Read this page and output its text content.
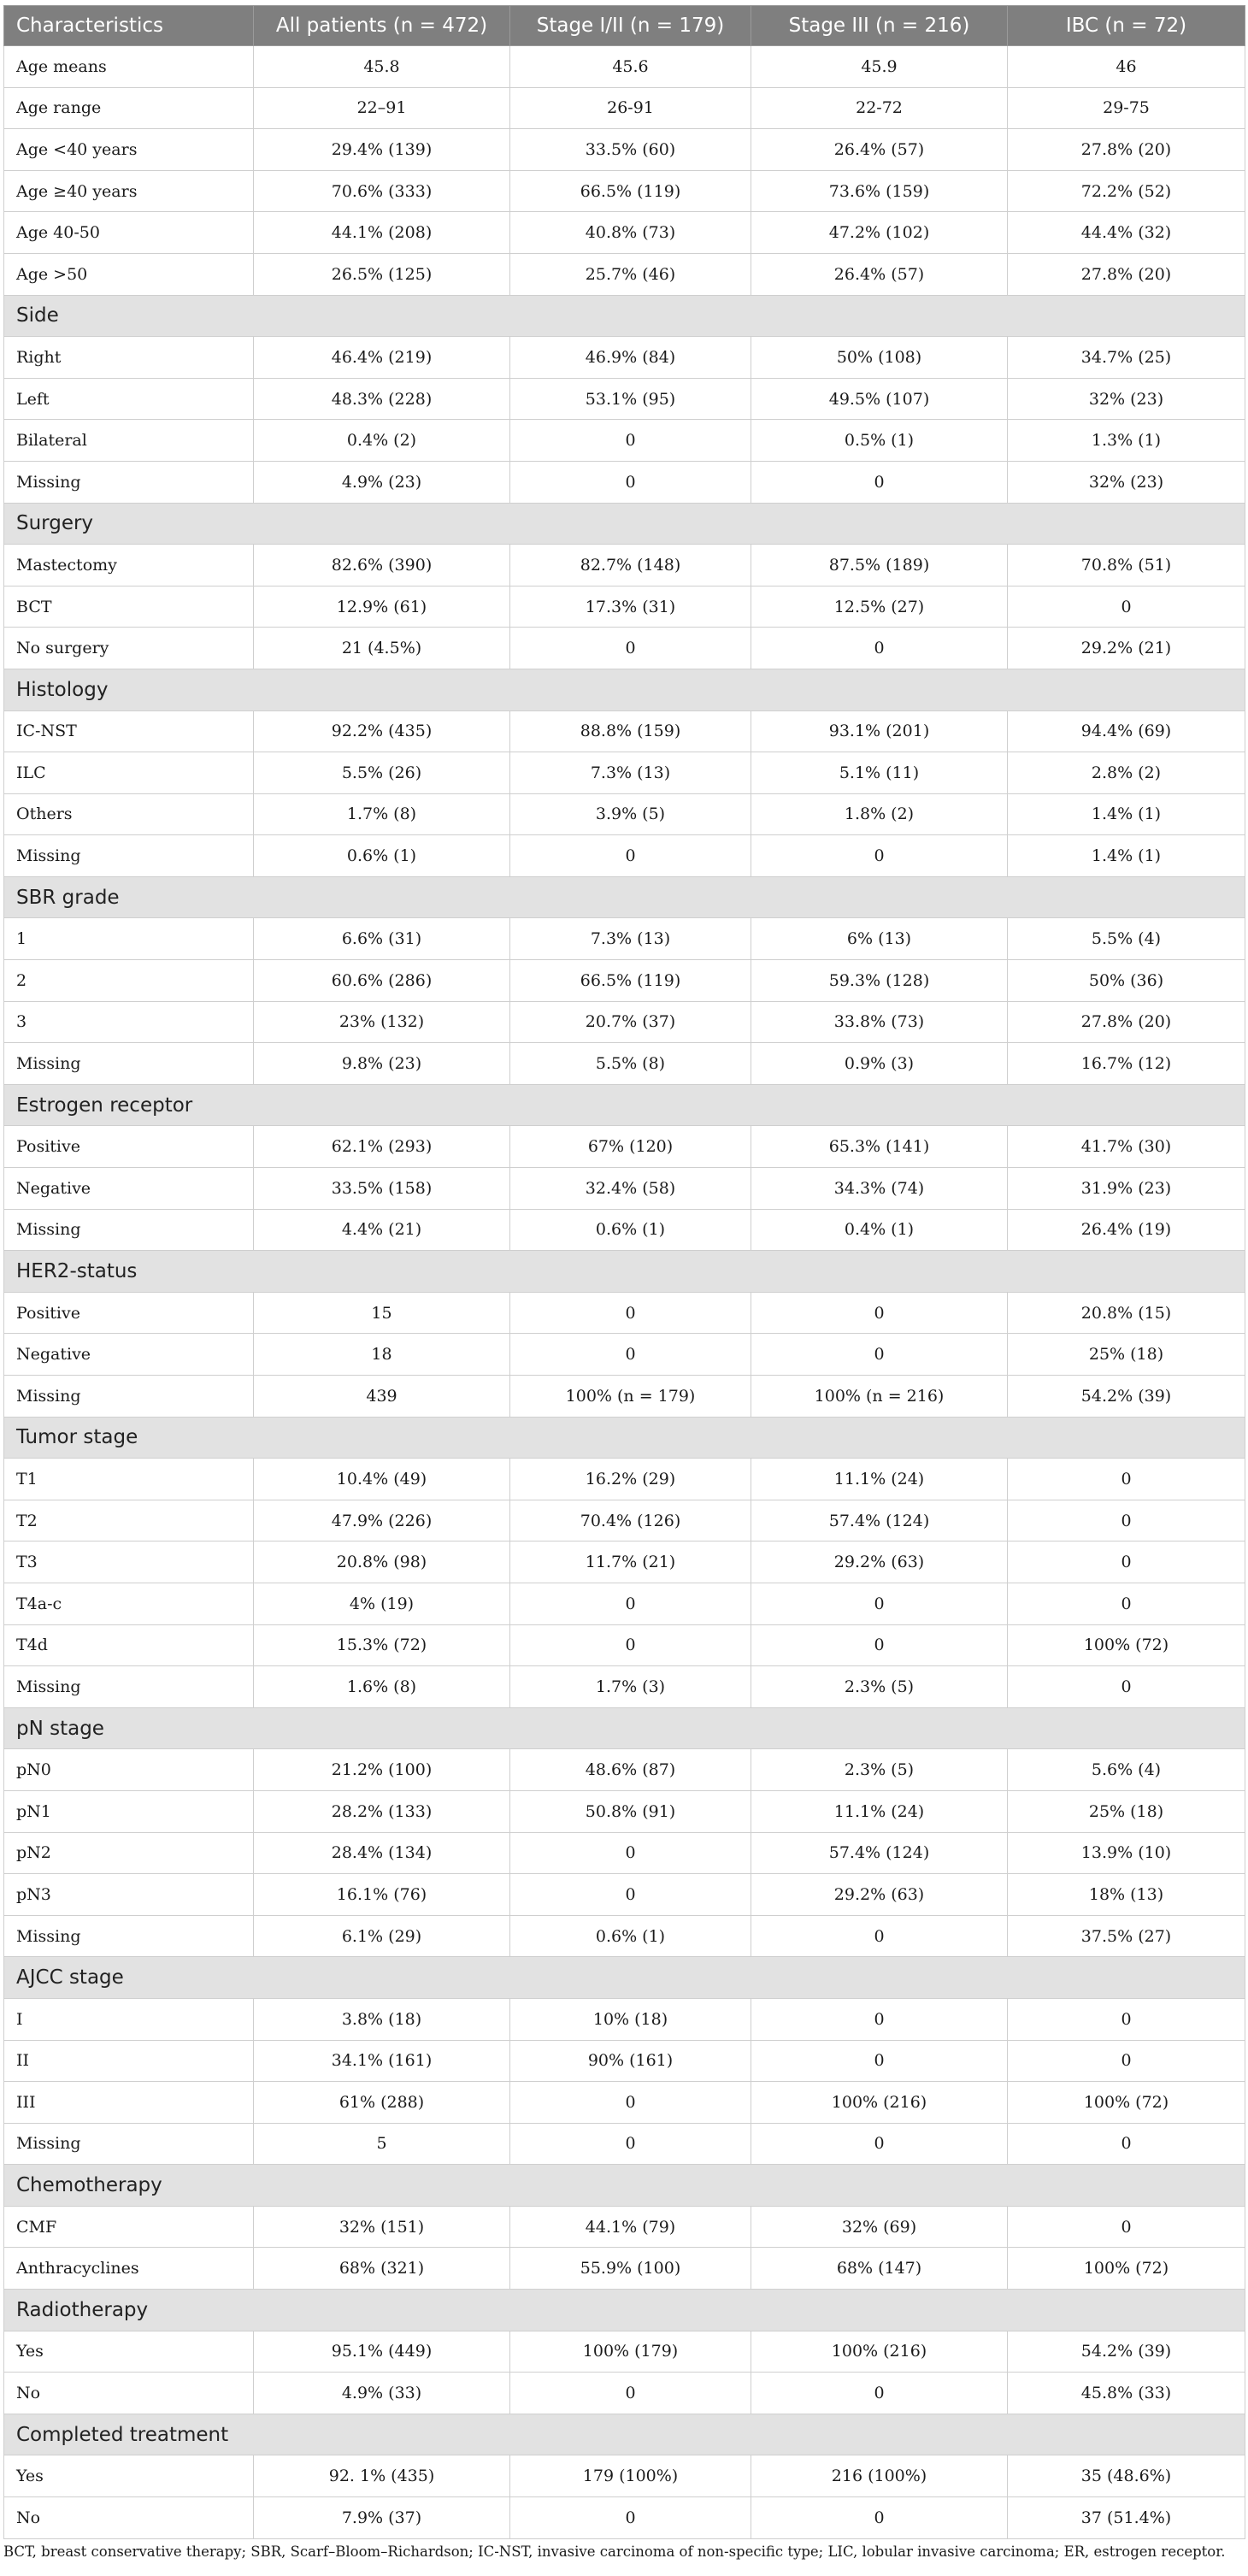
Characteristics	All patients (n = 472)	Stage I/II (n = 179)	Stage III (n = 216)	IBC (n = 72)
Age means	45.8	45.6	45.9	46
Age range	22–91	26-91	22-72	29-75
Age <40 years	29.4% (139)	33.5% (60)	26.4% (57)	27.8% (20)
Age ≥40 years	70.6% (333)	66.5% (119)	73.6% (159)	72.2% (52)
Age 40-50	44.1% (208)	40.8% (73)	47.2% (102)	44.4% (32)
Age >50	26.5% (125)	25.7% (46)	26.4% (57)	27.8% (20)
Side				
Right	46.4% (219)	46.9% (84)	50% (108)	34.7% (25)
Left	48.3% (228)	53.1% (95)	49.5% (107)	32% (23)
Bilateral	0.4% (2)	0	0.5% (1)	1.3% (1)
Missing	4.9% (23)	0	0	32% (23)
Surgery				
Mastectomy	82.6% (390)	82.7% (148)	87.5% (189)	70.8% (51)
BCT	12.9% (61)	17.3% (31)	12.5% (27)	0
No surgery	21 (4.5%)	0	0	29.2% (21)
Histology				
IC-NST	92.2% (435)	88.8% (159)	93.1% (201)	94.4% (69)
ILC	5.5% (26)	7.3% (13)	5.1% (11)	2.8% (2)
Others	1.7% (8)	3.9% (5)	1.8% (2)	1.4% (1)
Missing	0.6% (1)	0	0	1.4% (1)
SBR grade				
1	6.6% (31)	7.3% (13)	6% (13)	5.5% (4)
2	60.6% (286)	66.5% (119)	59.3% (128)	50% (36)
3	23% (132)	20.7% (37)	33.8% (73)	27.8% (20)
Missing	9.8% (23)	5.5% (8)	0.9% (3)	16.7% (12)
Estrogen receptor				
Positive	62.1% (293)	67% (120)	65.3% (141)	41.7% (30)
Negative	33.5% (158)	32.4% (58)	34.3% (74)	31.9% (23)
Missing	4.4% (21)	0.6% (1)	0.4% (1)	26.4% (19)
HER2-status				
Positive	15	0	0	20.8% (15)
Negative	18	0	0	25% (18)
Missing	439	100% (n = 179)	100% (n = 216)	54.2% (39)
Tumor stage				
T1	10.4% (49)	16.2% (29)	11.1% (24)	0
T2	47.9% (226)	70.4% (126)	57.4% (124)	0
T3	20.8% (98)	11.7% (21)	29.2% (63)	0
T4a-c	4% (19)	0	0	0
T4d	15.3% (72)	0	0	100% (72)
Missing	1.6% (8)	1.7% (3)	2.3% (5)	0
pN stage				
pN0	21.2% (100)	48.6% (87)	2.3% (5)	5.6% (4)
pN1	28.2% (133)	50.8% (91)	11.1% (24)	25% (18)
pN2	28.4% (134)	0	57.4% (124)	13.9% (10)
pN3	16.1% (76)	0	29.2% (63)	18% (13)
Missing	6.1% (29)	0.6% (1)	0	37.5% (27)
AJCC stage				
I	3.8% (18)	10% (18)	0	0
II	34.1% (161)	90% (161)	0	0
III	61% (288)	0	100% (216)	100% (72)
Missing	5	0	0	0
Chemotherapy				
CMF	32% (151)	44.1% (79)	32% (69)	0
Anthracyclines	68% (321)	55.9% (100)	68% (147)	100% (72)
Radiotherapy				
Yes	95.1% (449)	100% (179)	100% (216)	54.2% (39)
No	4.9% (33)	0	0	45.8% (33)
Completed treatment				
Yes	92. 1% (435)	179 (100%)	216 (100%)	35 (48.6%)
No	7.9% (37)	0	0	37 (51.4%)
BCT, breast conservative therapy; SBR, Scarf–Bloom–Richardson; IC-NST, invasive carcinoma of non-specific type; LIC, lobular invasive carcinoma; ER, estrogen receptor.
